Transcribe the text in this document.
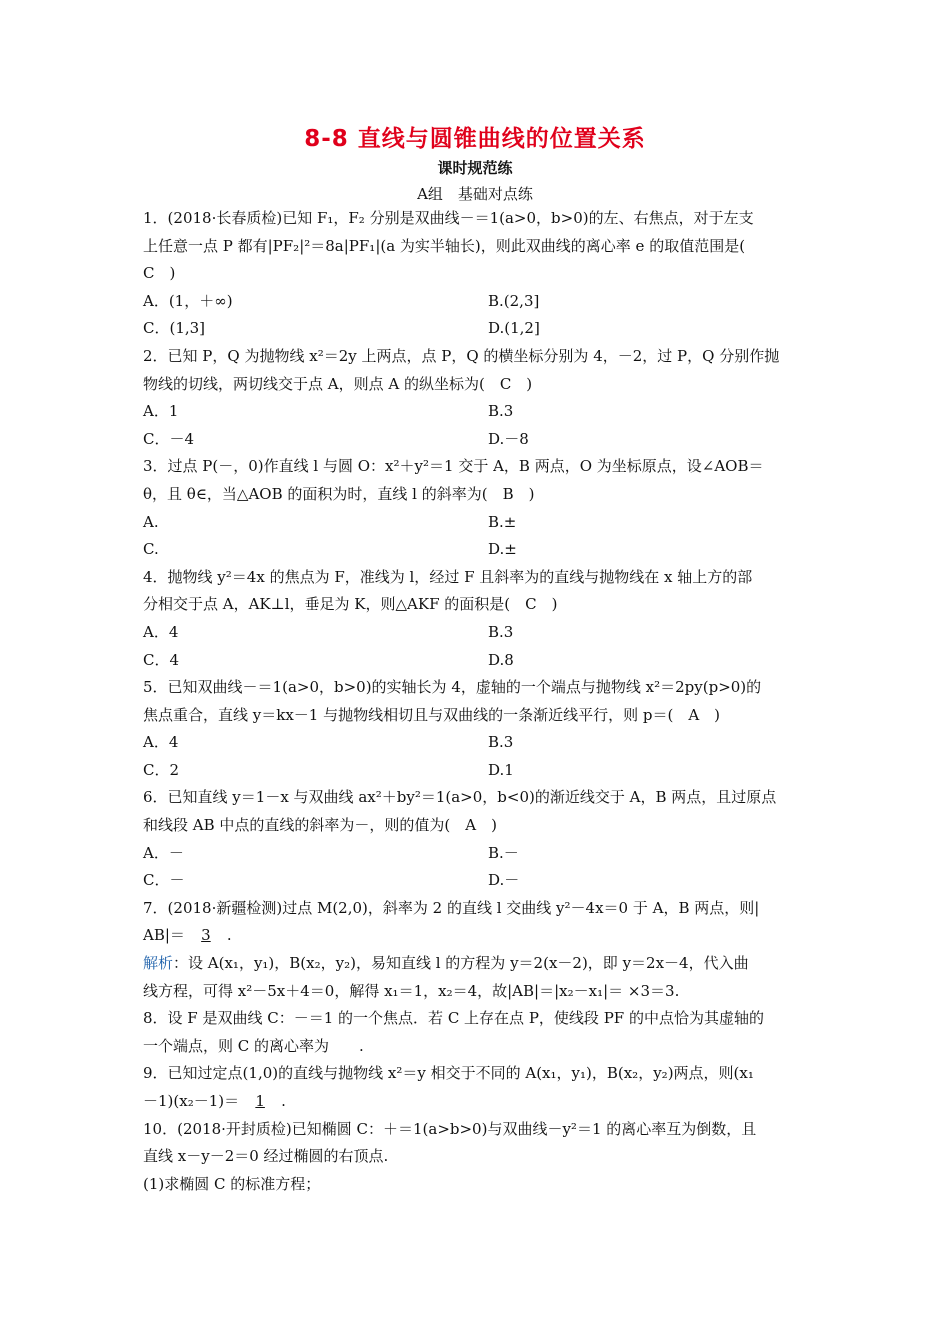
8-8 直线与圆锥曲线的位置关系
课时规范练
A组　基础对点练
1．(2018·长春质检)已知 F₁，F₂ 分别是双曲线－＝1(a>0，b>0)的左、右焦点，对于左支
上任意一点 P 都有|PF₂|²＝8a|PF₁|(a 为实半轴长)，则此双曲线的离心率 e 的取值范围是(
C　)
A．(1，＋∞)	B.(2,3]
C．(1,3]	D.(1,2]
2．已知 P，Q 为抛物线 x²＝2y 上两点，点 P，Q 的横坐标分别为 4，－2，过 P，Q 分别作抛
物线的切线，两切线交于点 A，则点 A 的纵坐标为(　C　)
A．1	B.3
C．－4	D.－8
3．过点 P(－，0)作直线 l 与圆 O：x²＋y²＝1 交于 A，B 两点，O 为坐标原点，设∠AOB＝
θ，且 θ∈，当△AOB 的面积为时，直线 l 的斜率为(　B　)
A.	B.±
C.	D.±
4．抛物线 y²＝4x 的焦点为 F，准线为 l，经过 F 且斜率为的直线与抛物线在 x 轴上方的部
分相交于点 A，AK⊥l，垂足为 K，则△AKF 的面积是(　C　)
A．4	B.3
C．4	D.8
5．已知双曲线－＝1(a>0，b>0)的实轴长为 4，虚轴的一个端点与抛物线 x²＝2py(p>0)的
焦点重合，直线 y＝kx－1 与抛物线相切且与双曲线的一条渐近线平行，则 p＝(　A　)
A．4	B.3
C．2	D.1
6．已知直线 y＝1－x 与双曲线 ax²＋by²＝1(a>0，b<0)的渐近线交于 A，B 两点，且过原点
和线段 AB 中点的直线的斜率为－，则的值为(　A　)
A．－	B.－
C．－	D.－
7．(2018·新疆检测)过点 M(2,0)，斜率为 2 的直线 l 交曲线 y²－4x＝0 于 A，B 两点，则|
AB|＝ 3 .
解析：设 A(x₁，y₁)，B(x₂，y₂)，易知直线 l 的方程为 y＝2(x－2)，即 y＝2x－4，代入曲
线方程，可得 x²－5x＋4＝0，解得 x₁＝1，x₂＝4，故|AB|＝|x₂－x₁|＝ ×3＝3.
8．设 F 是双曲线 C：－＝1 的一个焦点．若 C 上存在点 P，使线段 PF 的中点恰为其虚轴的
一个端点，则 C 的离心率为　　.
9．已知过定点(1,0)的直线与抛物线 x²＝y 相交于不同的 A(x₁，y₁)，B(x₂，y₂)两点，则(x₁
－1)(x₂－1)＝ 1 .
10．(2018·开封质检)已知椭圆 C：＋＝1(a>b>0)与双曲线－y²＝1 的离心率互为倒数，且
直线 x－y－2＝0 经过椭圆的右顶点.
(1)求椭圆 C 的标准方程；
